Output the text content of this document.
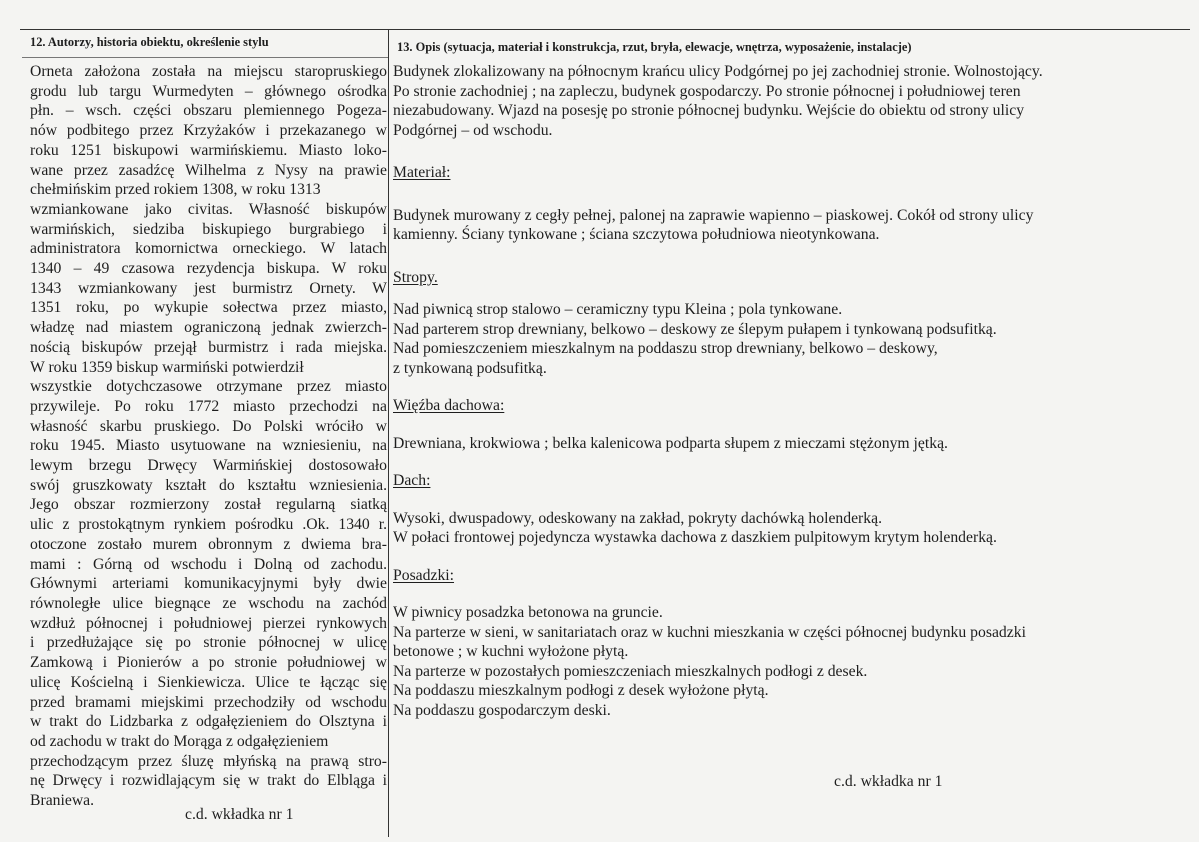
12. Autorzy, historia obiektu, określenie stylu	13. Opis (sytuacja, materiał i konstrukcja, rzut, bryła, elewacje, wnętrza, wyposażenie, instalacje)
Orneta założona została na miejscu staropruskiego
grodu lub targu Wurmedyten – głównego ośrodka
płn. – wsch. części obszaru plemiennego Pogeza-
nów podbitego przez Krzyżaków i przekazanego w
roku 1251 biskupowi warmińskiemu. Miasto loko-
wane przez zasadźcę Wilhelma z Nysy na prawie
chełmińskim przed rokiem 1308, w roku 1313
wzmiankowane jako civitas. Własność biskupów
warmińskich, siedziba biskupiego burgrabiego i
administratora komornictwa orneckiego. W latach
1340 – 49 czasowa rezydencja biskupa. W roku
1343 wzmiankowany jest burmistrz Ornety. W
1351 roku, po wykupie sołectwa przez miasto,
władzę nad miastem ograniczoną jednak zwierzch-
nością biskupów przejął burmistrz i rada miejska.
W roku 1359 biskup warmiński potwierdził
wszystkie dotychczasowe otrzymane przez miasto
przywileje. Po roku 1772 miasto przechodzi na
własność skarbu pruskiego. Do Polski wróciło w
roku 1945. Miasto usytuowane na wzniesieniu, na
lewym brzegu Drwęcy Warmińskiej dostosowało
swój gruszkowaty kształt do kształtu wzniesienia.
Jego obszar rozmierzony został regularną siatką
ulic z prostokątnym rynkiem pośrodku .Ok. 1340 r.
otoczone zostało murem obronnym z dwiema bra-
mami : Górną od wschodu i Dolną od zachodu.
Głównymi arteriami komunikacyjnymi były dwie
równoległe ulice biegnące ze wschodu na zachód
wzdłuż północnej i południowej pierzei rynkowych
i przedłużające się po stronie północnej w ulicę
Zamkową i Pionierów a po stronie południowej w
ulicę Kościelną i Sienkiewicza. Ulice te łącząc się
przed bramami miejskimi przechodziły od wschodu
w trakt do Lidzbarka z odgałęzieniem do Olsztyna i
od zachodu w trakt do Morąga z odgałęzieniem
przechodzącym przez śluzę młyńską na prawą stro-
nę Drwęcy i rozwidlającym się w trakt do Elbląga i
Braniewa.
c.d. wkładka nr 1
Budynek zlokalizowany na północnym krańcu ulicy Podgórnej po jej zachodniej stronie. Wolnostojący.
Po stronie zachodniej ; na zapleczu, budynek gospodarczy. Po stronie północnej i południowej teren
niezabudowany. Wjazd na posesję po stronie północnej budynku. Wejście do obiektu od strony ulicy
Podgórnej – od wschodu.
Materiał:
Budynek murowany z cegły pełnej, palonej na zaprawie wapienno – piaskowej. Cokół od strony ulicy
kamienny. Ściany tynkowane ; ściana szczytowa południowa nieotynkowana.
Stropy.
Nad piwnicą strop stalowo – ceramiczny typu Kleina ; pola tynkowane.
Nad parterem strop drewniany, belkowo – deskowy ze ślepym pułapem i tynkowaną podsufitką.
Nad pomieszczeniem mieszkalnym na poddaszu strop drewniany, belkowo – deskowy,
z tynkowaną podsufitką.
Więźba dachowa:
Drewniana, krokwiowa ; belka kalenicowa podparta słupem z mieczami stężonym jętką.
Dach:
Wysoki, dwuspadowy, odeskowany na zakład, pokryty dachówką holenderką.
W połaci frontowej pojedyncza wystawka dachowa z daszkiem pulpitowym krytym holenderką.
Posadzki:
W piwnicy posadzka betonowa na gruncie.
Na parterze w sieni, w sanitariatach oraz w kuchni mieszkania w części północnej budynku posadzki
betonowe ; w kuchni wyłożone płytą.
Na parterze w pozostałych pomieszczeniach mieszkalnych podłogi z desek.
Na poddaszu mieszkalnym podłogi z desek wyłożone płytą.
Na poddaszu gospodarczym deski.
c.d. wkładka nr 1
